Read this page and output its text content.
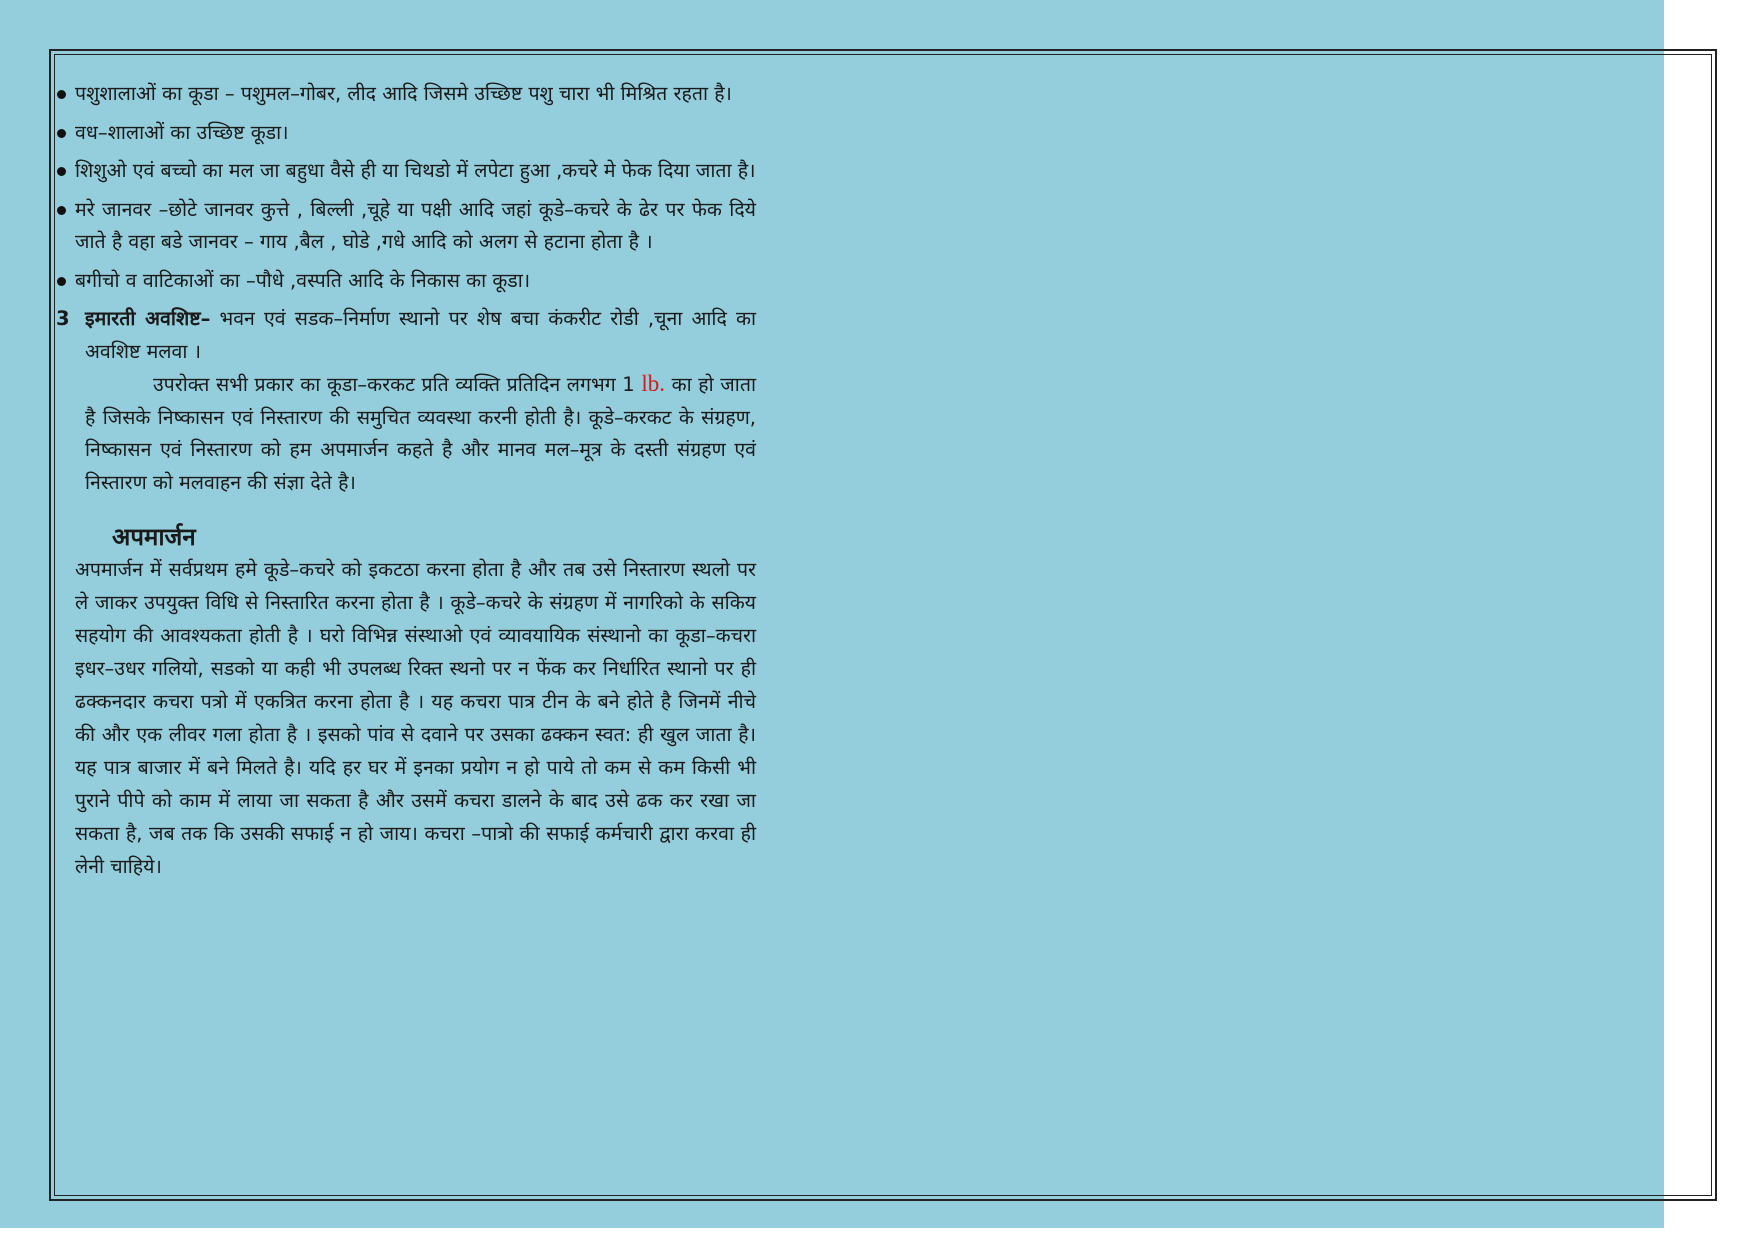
पशुशालाओं का कूडा – पशुमल–गोबर, लीद आदि जिसमे उच्छिष्ट पशु चारा भी मिश्रित रहता है।
वध–शालाओं का उच्छिष्ट कूडा।
शिशुओ एवं बच्चो का मल जा बहुधा वैसे ही या चिथडो में लपेटा हुआ ,कचरे मे फेक दिया जाता है।
मरे जानवर –छोटे जानवर कुत्ते , बिल्ली ,चूहे या पक्षी आदि जहां कूडे–कचरे के ढेर पर फेक दिये जाते है वहा बडे जानवर – गाय ,बैल , घोडे ,गधे आदि को अलग से हटाना होता है ।
बगीचो व वाटिकाओं का –पौधे ,वस्पति आदि के निकास का कूडा।
3 इमारती अवशिष्ट– भवन एवं सडक–निर्माण स्थानो पर शेष बचा कंकरीट रोडी ,चूना आदि का अवशिष्ट मलवा ।
उपरोक्त सभी प्रकार का कूडा–करकट प्रति व्यक्ति प्रतिदिन लगभग 1 lb. का हो जाता है जिसके निष्कासन एवं निस्तारण की समुचित व्यवस्था करनी होती है। कूडे–करकट के संग्रहण, निष्कासन एवं निस्तारण को हम अपमार्जन कहते है और मानव मल–मूत्र के दस्ती संग्रहण एवं निस्तारण को मलवाहन की संज्ञा देते है।
अपमार्जन
अपमार्जन में सर्वप्रथम हमे कूडे–कचरे को इकटठा करना होता है और तब उसे निस्तारण स्थलो पर ले जाकर उपयुक्त विधि से निस्तारित करना होता है । कूडे–कचरे के संग्रहण में नागरिको के सकिय सहयोग की आवश्यकता होती है । घरो विभिन्न संस्थाओ एवं व्यावयायिक संस्थानो का कूडा–कचरा इधर–उधर गलियो, सडको या कही भी उपलब्ध रिक्त स्थनो पर न फेंक कर निर्धारित स्थानो पर ही ढक्कनदार कचरा पत्रो में एकत्रित करना होता है । यह कचरा पात्र टीन के बने होते है जिनमें नीचे की और एक लीवर गला होता है । इसको पांव से दवाने पर उसका ढक्कन स्वत: ही खुल जाता है। यह पात्र बाजार में बने मिलते है। यदि हर घर में इनका प्रयोग न हो पाये तो कम से कम किसी भी पुराने पीपे को काम में लाया जा सकता है और उसमें कचरा डालने के बाद उसे ढक कर रखा जा सकता है, जब तक कि उसकी सफाई न हो जाय। कचरा –पात्रो की सफाई कर्मचारी द्वारा करवा ही लेनी चाहिये।
